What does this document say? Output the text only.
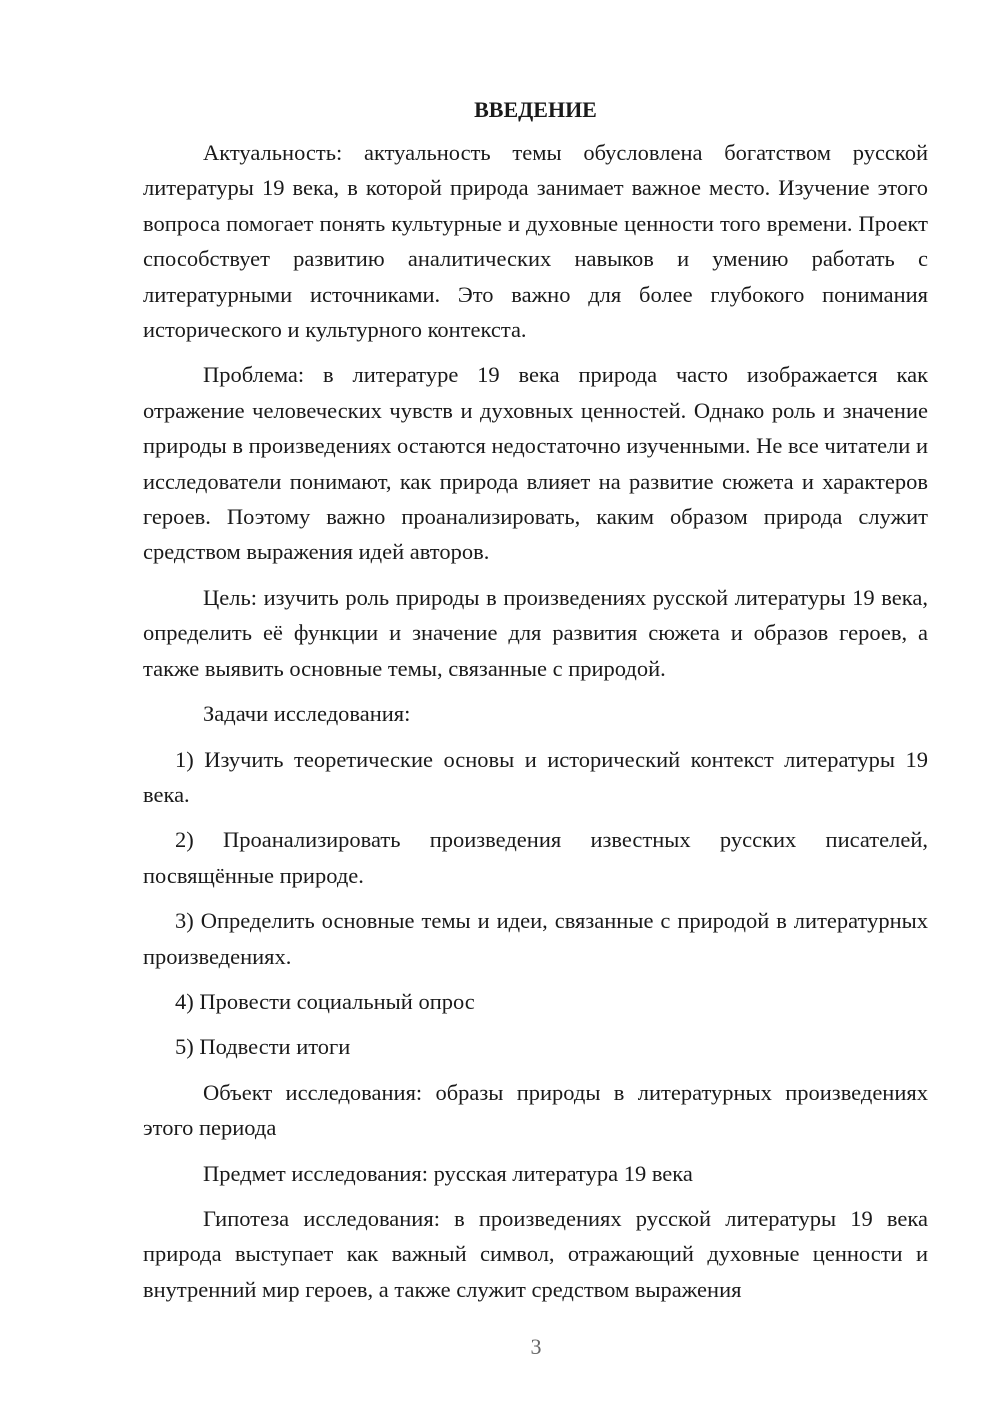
ВВЕДЕНИЕ

Актуальность: актуальность темы обусловлена богатством русской литературы 19 века, в которой природа занимает важное место. Изучение этого вопроса помогает понять культурные и духовные ценности того времени. Проект способствует развитию аналитических навыков и умению работать с литературными источниками. Это важно для более глубокого понимания исторического и культурного контекста.

Проблема: в литературе 19 века природа часто изображается как отражение человеческих чувств и духовных ценностей. Однако роль и значение природы в произведениях остаются недостаточно изученными. Не все читатели и исследователи понимают, как природа влияет на развитие сюжета и характеров героев. Поэтому важно проанализировать, каким образом природа служит средством выражения идей авторов.

Цель: изучить роль природы в произведениях русской литературы 19 века, определить её функции и значение для развития сюжета и образов героев, а также выявить основные темы, связанные с природой.

Задачи исследования:

1) Изучить теоретические основы и исторический контекст литературы 19 века.

2) Проанализировать произведения известных русских писателей, посвящённые природе.

3) Определить основные темы и идеи, связанные с природой в литературных произведениях.

4) Провести социальный опрос

5) Подвести итоги

Объект исследования: образы природы в литературных произведениях этого периода

Предмет исследования: русская литература 19 века

Гипотеза исследования: в произведениях русской литературы 19 века природа выступает как важный символ, отражающий духовные ценности и внутренний мир героев, а также служит средством выражения

3
